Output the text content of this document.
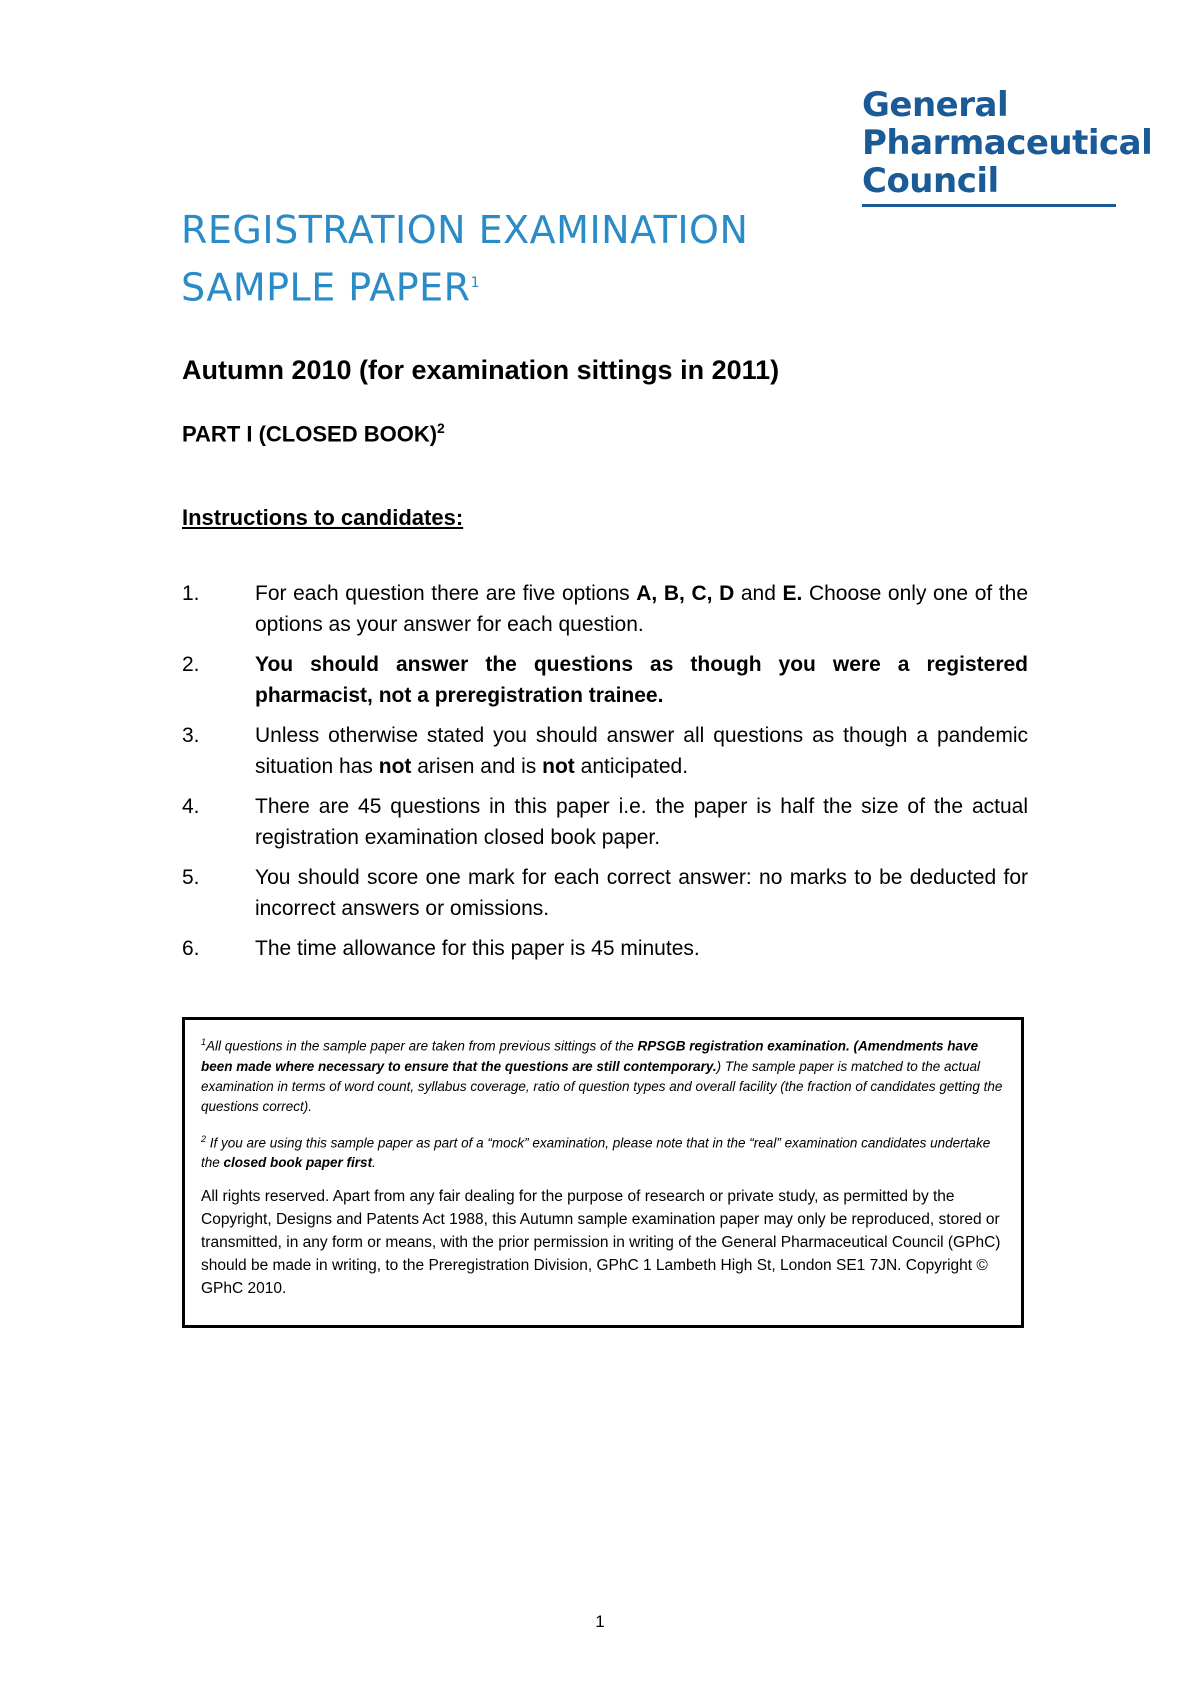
General
Pharmaceutical
Council
REGISTRATION EXAMINATION
SAMPLE PAPER$^1$
Autumn 2010 (for examination sittings in 2011)
PART I (CLOSED BOOK)$^2$
Instructions to candidates:
1.	For each question there are five options A, B, C, D and E. Choose only one of the options as your answer for each question.
2.	You should answer the questions as though you were a registered pharmacist, not a preregistration trainee.
3.	Unless otherwise stated you should answer all questions as though a pandemic situation has not arisen and is not anticipated.
4.	There are 45 questions in this paper i.e. the paper is half the size of the actual registration examination closed book paper.
5.	You should score one mark for each correct answer: no marks to be deducted for incorrect answers or omissions.
6.	The time allowance for this paper is 45 minutes.

$^1$All questions in the sample paper are taken from previous sittings of the RPSGB registration examination. (Amendments have been made where necessary to ensure that the questions are still contemporary.) The sample paper is matched to the actual examination in terms of word count, syllabus coverage, ratio of question types and overall facility (the fraction of candidates getting the questions correct).

$^2$ If you are using this sample paper as part of a “mock” examination, please note that in the “real” examination candidates undertake the closed book paper first.

All rights reserved. Apart from any fair dealing for the purpose of research or private study, as permitted by the Copyright, Designs and Patents Act 1988, this Autumn sample examination paper may only be reproduced, stored or transmitted, in any form or means, with the prior permission in writing of the General Pharmaceutical Council (GPhC) should be made in writing, to the Preregistration Division, GPhC 1 Lambeth High St, London SE1 7JN. Copyright © GPhC 2010.

1
